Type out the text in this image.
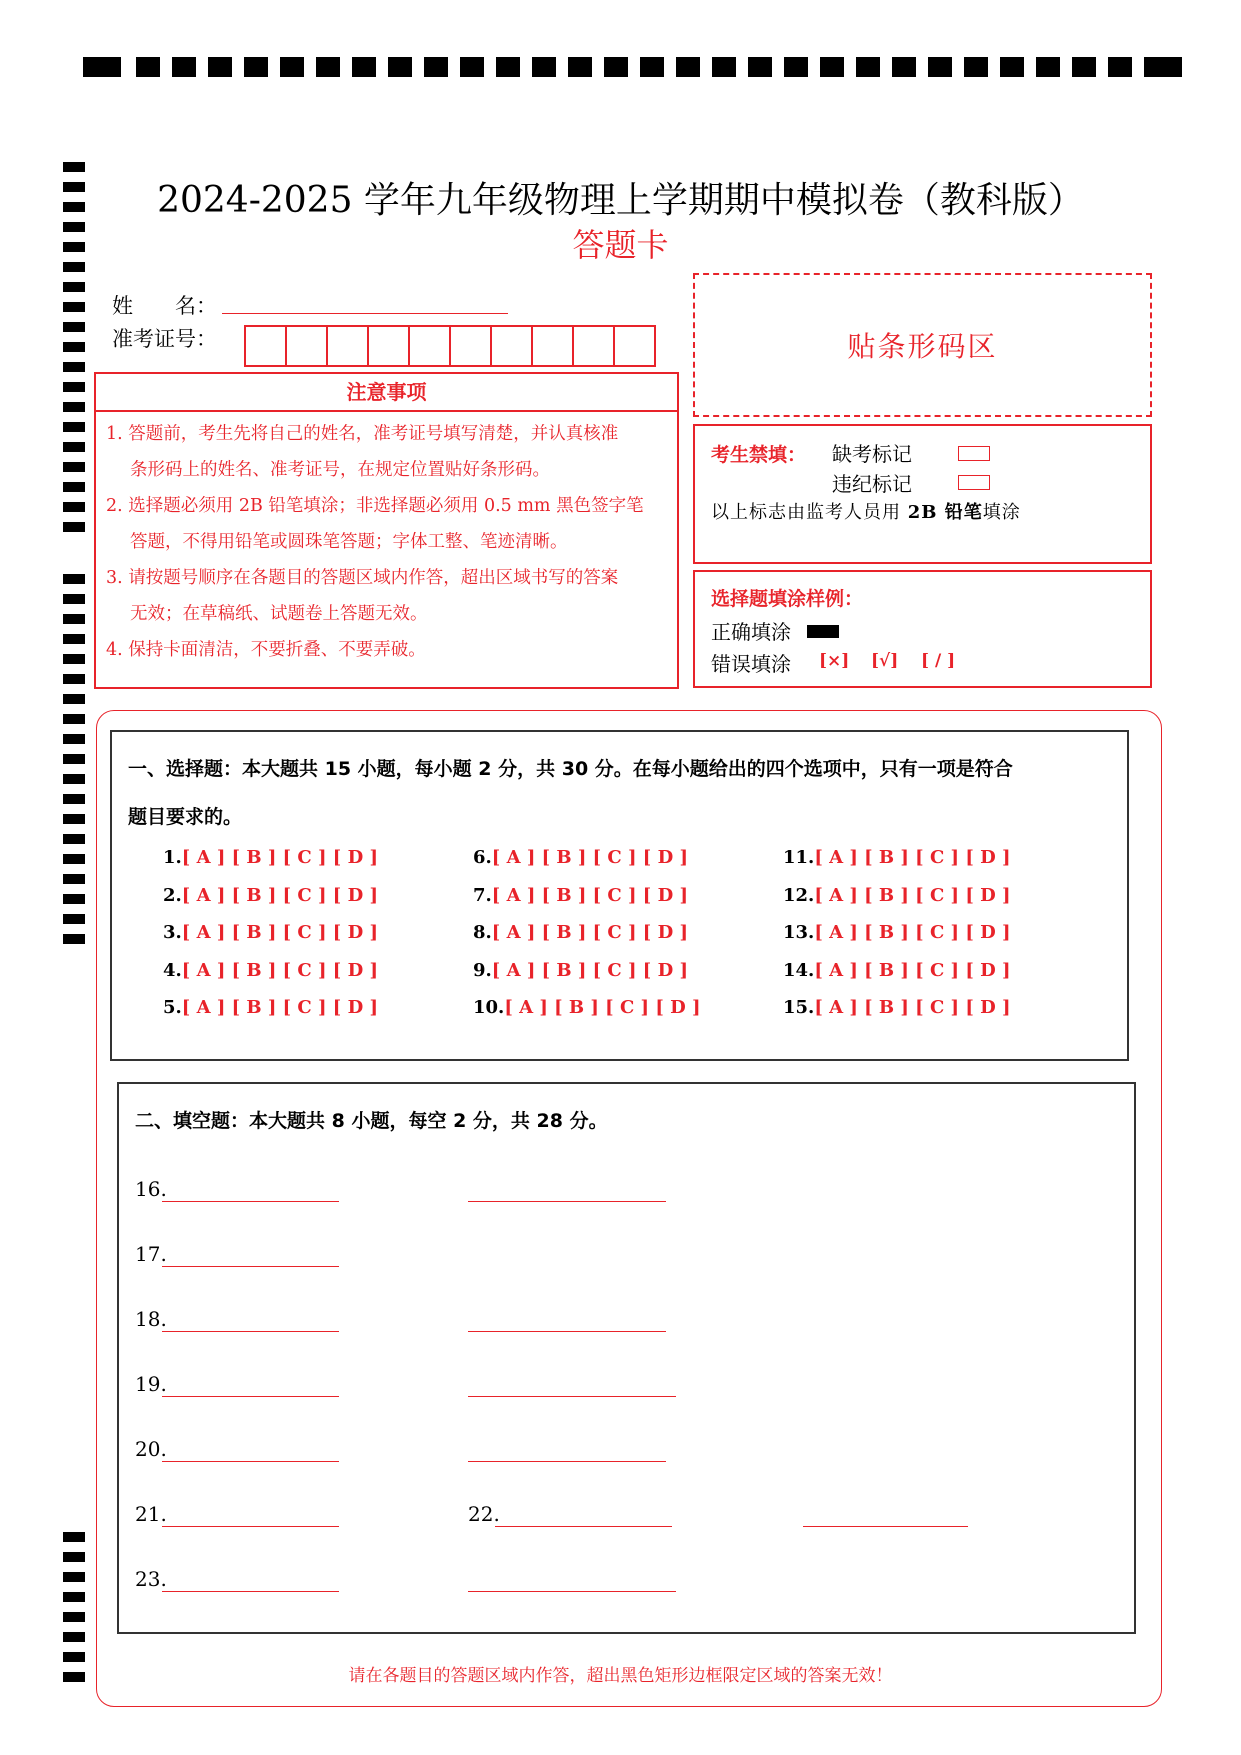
2024-2025 学年九年级物理上学期期中模拟卷（教科版）
答题卡
姓　　名：
准考证号：	贴条形码区
注意事项
1. 答题前，考生先将自己的姓名，准考证号填写清楚，并认真核准
条形码上的姓名、准考证号，在规定位置贴好条形码。
2. 选择题必须用 2B 铅笔填涂；非选择题必须用 0.5 mm 黑色签字笔
答题，不得用铅笔或圆珠笔答题；字体工整、笔迹清晰。
3. 请按题号顺序在各题目的答题区域内作答，超出区域书写的答案
无效；在草稿纸、试题卷上答题无效。
4. 保持卡面清洁，不要折叠、不要弄破。
考生禁填： 缺考标记
违纪标记
以上标志由监考人员用 2B 铅笔填涂
选择题填涂样例：
正确填涂
错误填涂 [×] [√] [ / ]
一、选择题：本大题共 15 小题，每小题 2 分，共 30 分。在每小题给出的四个选项中，只有一项是符合
题目要求的。
1.[ A ] [ B ] [ C ] [ D ]
2.[ A ] [ B ] [ C ] [ D ]
3.[ A ] [ B ] [ C ] [ D ]
4.[ A ] [ B ] [ C ] [ D ]
5.[ A ] [ B ] [ C ] [ D ]
6.[ A ] [ B ] [ C ] [ D ]
7.[ A ] [ B ] [ C ] [ D ]
8.[ A ] [ B ] [ C ] [ D ]
9.[ A ] [ B ] [ C ] [ D ]
10.[ A ] [ B ] [ C ] [ D ]
11.[ A ] [ B ] [ C ] [ D ]
12.[ A ] [ B ] [ C ] [ D ]
13.[ A ] [ B ] [ C ] [ D ]
14.[ A ] [ B ] [ C ] [ D ]
15.[ A ] [ B ] [ C ] [ D ]
二、填空题：本大题共 8 小题，每空 2 分，共 28 分。
16.
17.
18.
19.
20.
21.	22.
23.
请在各题目的答题区域内作答，超出黑色矩形边框限定区域的答案无效！
